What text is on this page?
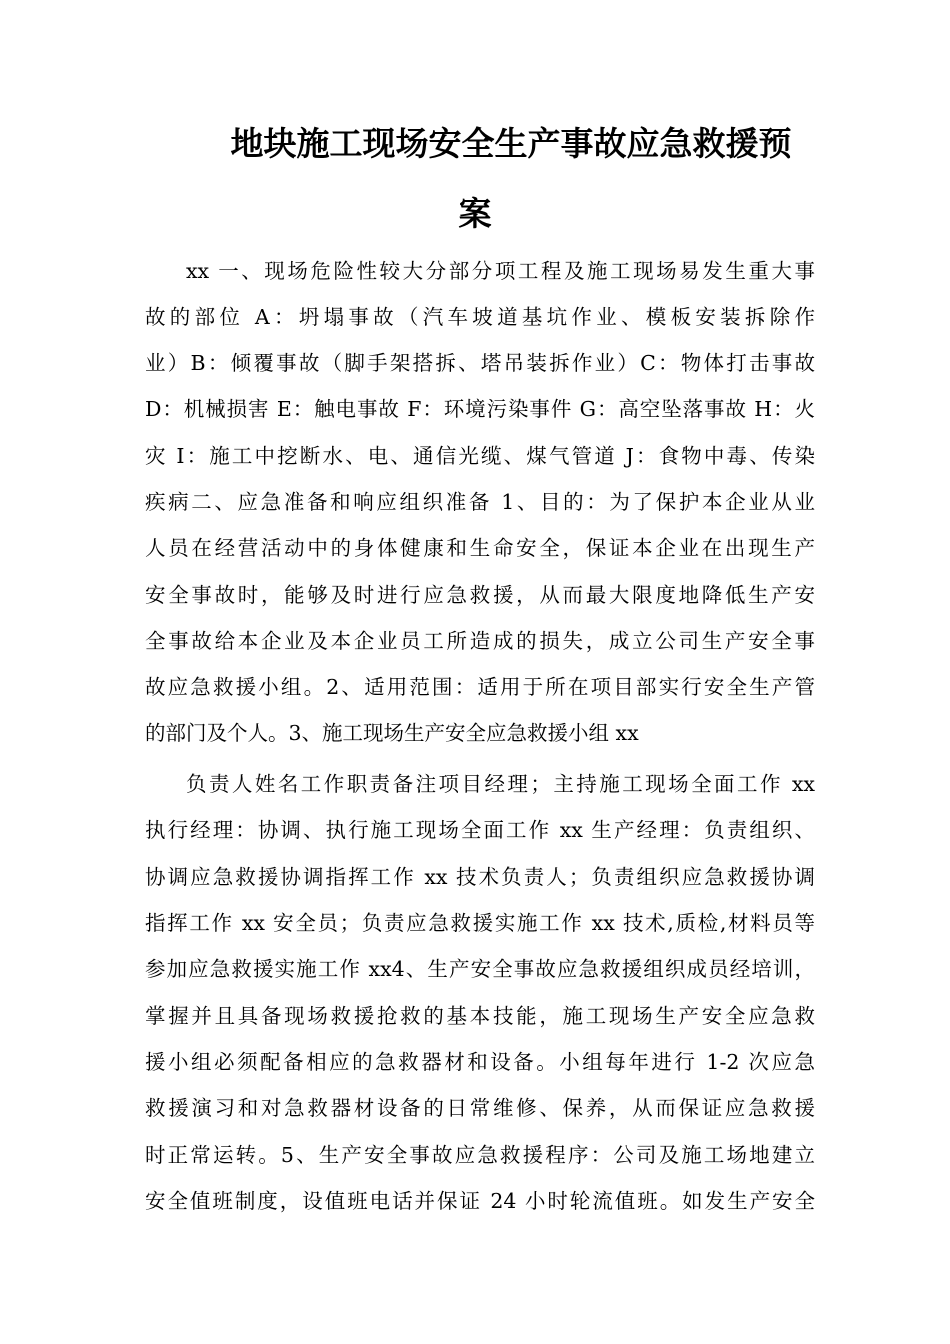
地块施工现场安全生产事故应急救援预
案
xx 一、现场危险性较大分部分项工程及施工现场易发生重大事
故的部位 A：坍塌事故（汽车坡道基坑作业、模板安装拆除作
业）B：倾覆事故（脚手架搭拆、塔吊装拆作业）C：物体打击事故
D：机械损害 E：触电事故 F：环境污染事件 G：高空坠落事故 H：火
灾 I：施工中挖断水、电、通信光缆、煤气管道 J：食物中毒、传染
疾病二、应急准备和响应组织准备 1、目的：为了保护本企业从业
人员在经营活动中的身体健康和生命安全，保证本企业在出现生产
安全事故时，能够及时进行应急救援，从而最大限度地降低生产安
全事故给本企业及本企业员工所造成的损失，成立公司生产安全事
故应急救援小组。2、适用范围：适用于所在项目部实行安全生产管
的部门及个人。3、施工现场生产安全应急救援小组 xx
负责人姓名工作职责备注项目经理；主持施工现场全面工作 xx
执行经理：协调、执行施工现场全面工作 xx 生产经理：负责组织、
协调应急救援协调指挥工作 xx 技术负责人；负责组织应急救援协调
指挥工作 xx 安全员；负责应急救援实施工作 xx 技术,质检,材料员等
参加应急救援实施工作 xx4、生产安全事故应急救援组织成员经培训，
掌握并且具备现场救援抢救的基本技能，施工现场生产安全应急救
援小组必须配备相应的急救器材和设备。小组每年进行 1-2 次应急
救援演习和对急救器材设备的日常维修、保养，从而保证应急救援
时正常运转。5、生产安全事故应急救援程序：公司及施工场地建立
安全值班制度，设值班电话并保证 24 小时轮流值班。如发生产安全
